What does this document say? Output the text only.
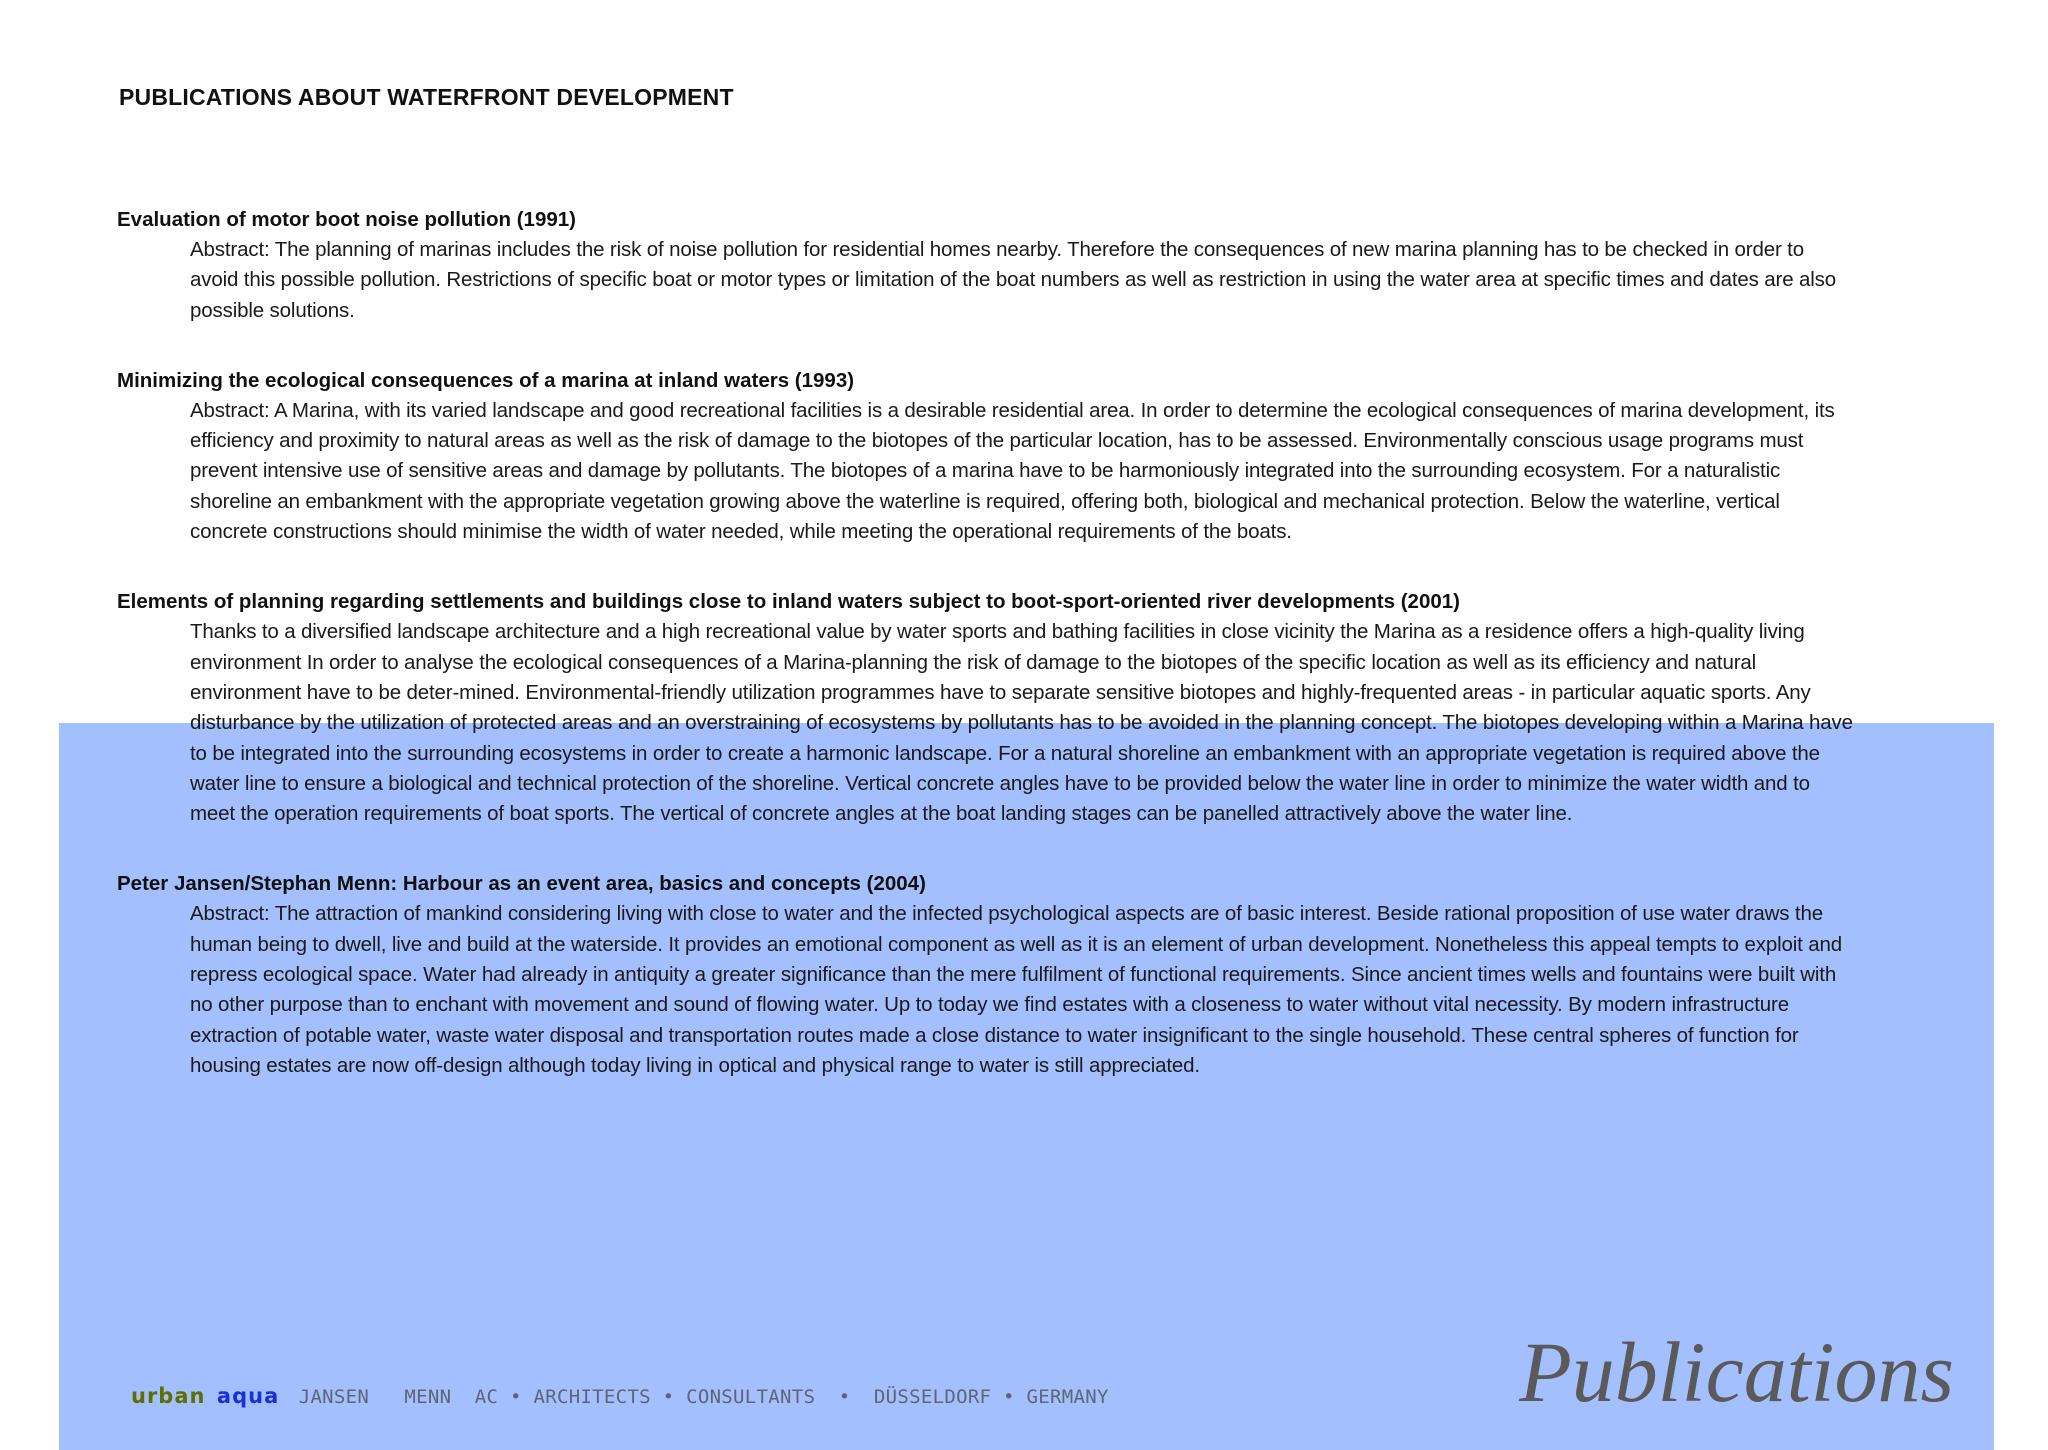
PUBLICATIONS ABOUT WATERFRONT DEVELOPMENT

Evaluation of motor boot noise pollution (1991)

Abstract: The planning of marinas includes the risk of noise pollution for residential homes nearby. Therefore the consequences of new marina planning has to be checked in order to avoid this possible pollution. Restrictions of specific boat or motor types or limitation of the boat numbers as well as restriction in using the water area at specific times and dates are also possible solutions.

Minimizing the ecological consequences of a marina at inland waters (1993)

Abstract: A Marina, with its varied landscape and good recreational facilities is a desirable residential area. In order to determine the ecological consequences of marina development, its efficiency and proximity to natural areas as well as the risk of damage to the biotopes of the particular location, has to be assessed. Environmentally conscious usage programs must prevent intensive use of sensitive areas and damage by pollutants. The biotopes of a marina have to be harmoniously integrated into the surrounding ecosystem. For a naturalistic shoreline an embankment with the appropriate vegetation growing above the waterline is required, offering both, biological and mechanical protection. Below the waterline, vertical concrete constructions should minimise the width of water needed, while meeting the operational requirements of the boats.

Elements of planning regarding settlements and buildings close to inland waters subject to boot-sport-oriented river developments (2001)

Thanks to a diversified landscape architecture and a high recreational value by water sports and bathing facilities in close vicinity the Marina as a residence offers a high-quality living environment In order to analyse the ecological consequences of a Marina-planning the risk of damage to the biotopes of the specific location as well as its efficiency and natural environment have to be deter-mined. Environmental-friendly utilization programmes have to separate sensitive biotopes and highly-frequented areas - in particular aquatic sports. Any disturbance by the utilization of protected areas and an overstraining of ecosystems by pollutants has to be avoided in the planning concept. The biotopes developing within a Marina have to be integrated into the surrounding ecosystems in order to create a harmonic landscape. For a natural shoreline an embankment with an appropriate vegetation is required above the water line to ensure a biological and technical protection of the shoreline. Vertical concrete angles have to be provided below the water line in order to minimize the water width and to meet the operation requirements of boat sports. The vertical of concrete angles at the boat landing stages can be panelled attractively above the water line.

Peter Jansen/Stephan Menn: Harbour as an event area, basics and concepts (2004)

Abstract: The attraction of mankind considering living with close to water and the infected psychological aspects are of basic interest. Beside rational proposition of use water draws the human being to dwell, live and build at the waterside. It provides an emotional component as well as it is an element of urban development. Nonetheless this appeal tempts to exploit and repress ecological space. Water had already in antiquity a greater significance than the mere fulfilment of functional requirements. Since ancient times wells and fountains were built with no other purpose than to enchant with movement and sound of flowing water. Up to today we find estates with a closeness to water without vital necessity. By modern infrastructure extraction of potable water, waste water disposal and transportation routes made a close distance to water insignificant to the single household. These central spheres of function for housing estates are now off-design although today living in optical and physical range to water is still appreciated.

urban aqua JANSEN   MENN  AC • ARCHITECTS • CONSULTANTS  •  DÜSSELDORF • GERMANY	Publications
